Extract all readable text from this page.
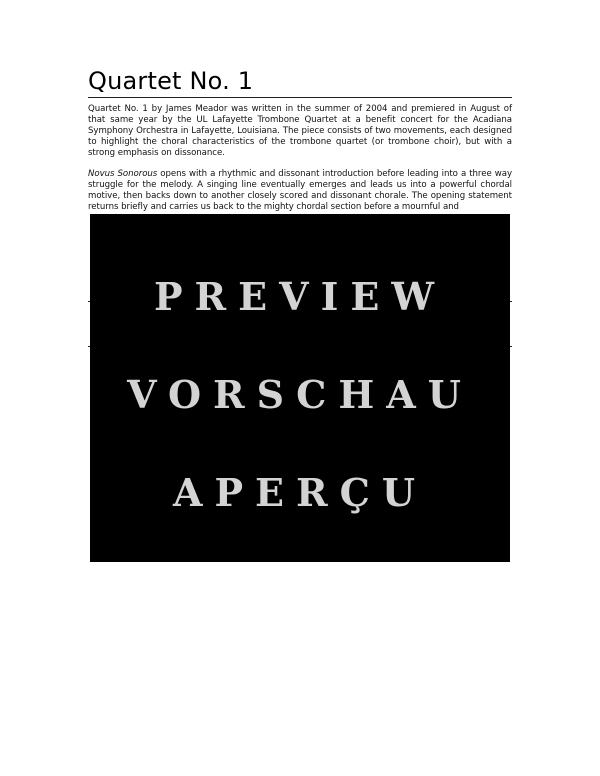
Quartet No. 1

Quartet No. 1 by James Meador was written in the summer of 2004 and premiered in August of that same year by the UL Lafayette Trombone Quartet at a benefit concert for the Acadiana Symphony Orchestra in Lafayette, Louisiana. The piece consists of two movements, each designed to highlight the choral characteristics of the trombone quartet (or trombone choir), but with a strong emphasis on dissonance.

Novus Sonorous opens with a rhythmic and dissonant introduction before leading into a three way struggle for the melody. A singing line eventually emerges and leads us into a powerful chordal motive, then backs down to another closely scored and dissonant chorale. The opening statement returns briefly and carries us back to the mighty chordal section before a mournful and

PREVIEW
VORSCHAU
APERÇU
